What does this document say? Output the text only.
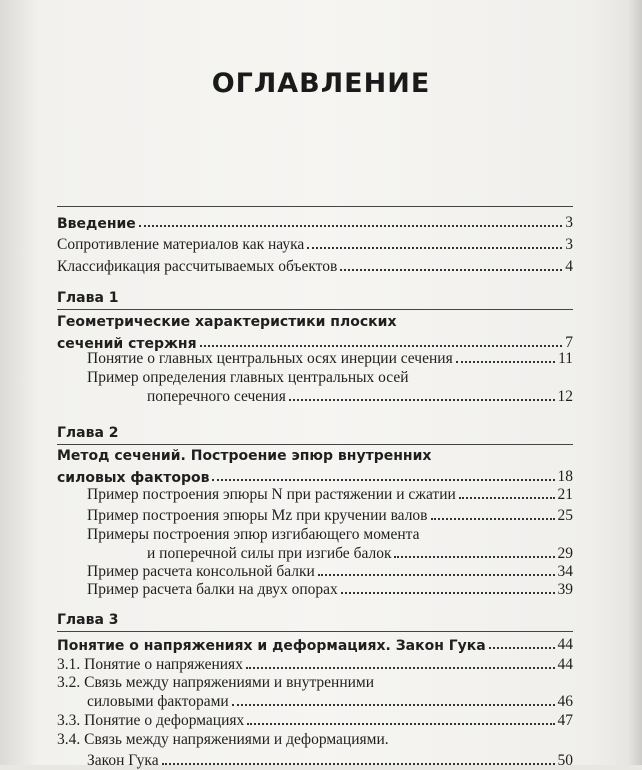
ОГЛАВЛЕНИЕ
Введение	3
Сопротивление материалов как наука	3
Классификация рассчитываемых объектов	4
Глава 1
Геометрические характеристики плоских
сечений стержня	7
Понятие о главных центральных осях инерции сечения	11
Пример определения главных центральных осей
поперечного сечения	12
Глава 2
Метод сечений. Построение эпюр внутренних
силовых факторов	18
Пример построения эпюры N при растяжении и сжатии	21
Пример построения эпюры Mz при кручении валов	25
Примеры построения эпюр изгибающего момента
и поперечной силы при изгибе балок	29
Пример расчета консольной балки	34
Пример расчета балки на двух опорах	39
Глава 3
Понятие о напряжениях и деформациях. Закон Гука	44
3.1. Понятие о напряжениях	44
3.2. Связь между напряжениями и внутренними
силовыми факторами	46
3.3. Понятие о деформациях	47
3.4. Связь между напряжениями и деформациями.
Закон Гука	50
